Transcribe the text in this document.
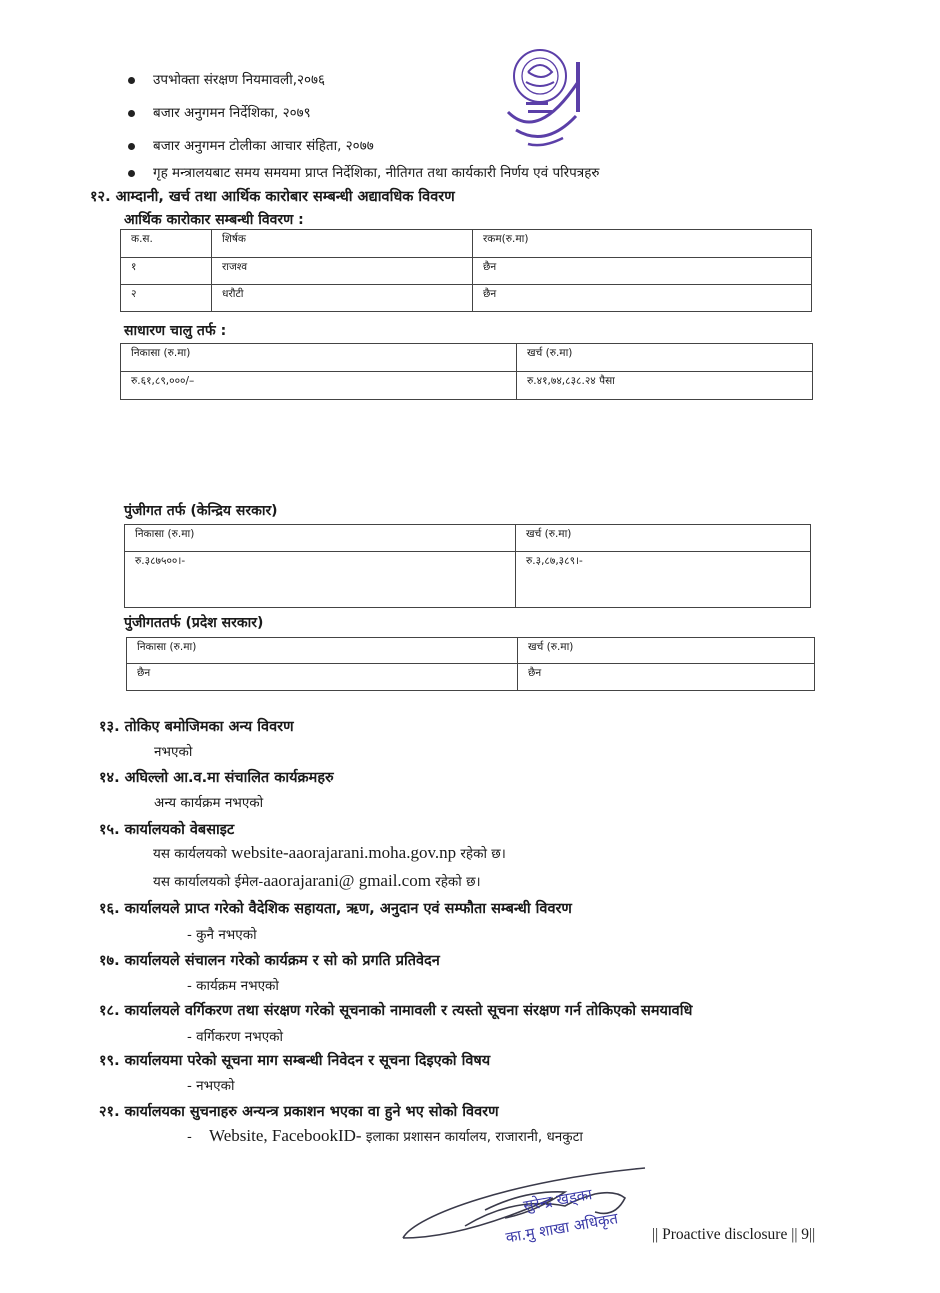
उपभोक्ता संरक्षण नियमावली,२०७६
बजार अनुगमन निर्देशिका, २०७९
बजार अनुगमन टोलीका आचार संहिता, २०७७
गृह मन्त्रालयबाट समय समयमा प्राप्त निर्देशिका, नीतिगत तथा कार्यकारी निर्णय एवं परिपत्रहरु
१२. आम्दानी, खर्च तथा आर्थिक कारोबार सम्बन्धी अद्यावधिक विवरण
आर्थिक कारोकार सम्बन्धी विवरण :
क.स.	शिर्षक	रकम(रु.मा)
१	राजश्व	छैन
२	धरौटी	छैन
साधारण चालु तर्फ :
निकासा (रु.मा)	खर्च (रु.मा)
रु.६१,८९,०००/–	रु.४१,७४,८३८.२४ पैसा
पुंजीगत तर्फ (केन्द्रिय सरकार)
निकासा (रु.मा)	खर्च (रु.मा)
रु.३८७५००।-	रु.३,८७,३८९।-
पुंजीगततर्फ (प्रदेश सरकार)
निकासा (रु.मा)	खर्च (रु.मा)
छैन	छैन
१३. तोकिए बमोजिमका अन्य विवरण
नभएको
१४. अघिल्लो आ.व.मा संचालित कार्यक्रमहरु
अन्य कार्यक्रम नभएको
१५. कार्यालयको वेबसाइट
यस कार्यलयको website-aaorajarani.moha.gov.np रहेको छ।
यस कार्यालयको ईमेल-aaorajarani@ gmail.com रहेको छ।
१६. कार्यालयले प्राप्त गरेको वैदेशिक सहायता, ऋण, अनुदान एवं सम्फौता सम्बन्धी विवरण
- कुनै नभएको
१७. कार्यालयले संचालन गरेको कार्यक्रम र सो को प्रगति प्रतिवेदन
- कार्यक्रम नभएको
१८. कार्यालयले वर्गिकरण तथा संरक्षण गरेको सूचनाको नामावली र त्यस्तो सूचना संरक्षण गर्न तोकिएको समयावधि
- वर्गिकरण नभएको
१९. कार्यालयमा परेको सूचना माग सम्बन्धी निवेदन र सूचना दिइएको विषय
- नभएको
२१. कार्यालयका सुचनाहरु अन्यन्त्र प्रकाशन भएका वा हुने भए सोको विवरण
- Website, FacebookID- इलाका प्रशासन कार्यालय, राजारानी, धनकुटा
सुरेन्द्र खड्का
का.मु शाखा अधिकृत || Proactive disclosure || 9||
